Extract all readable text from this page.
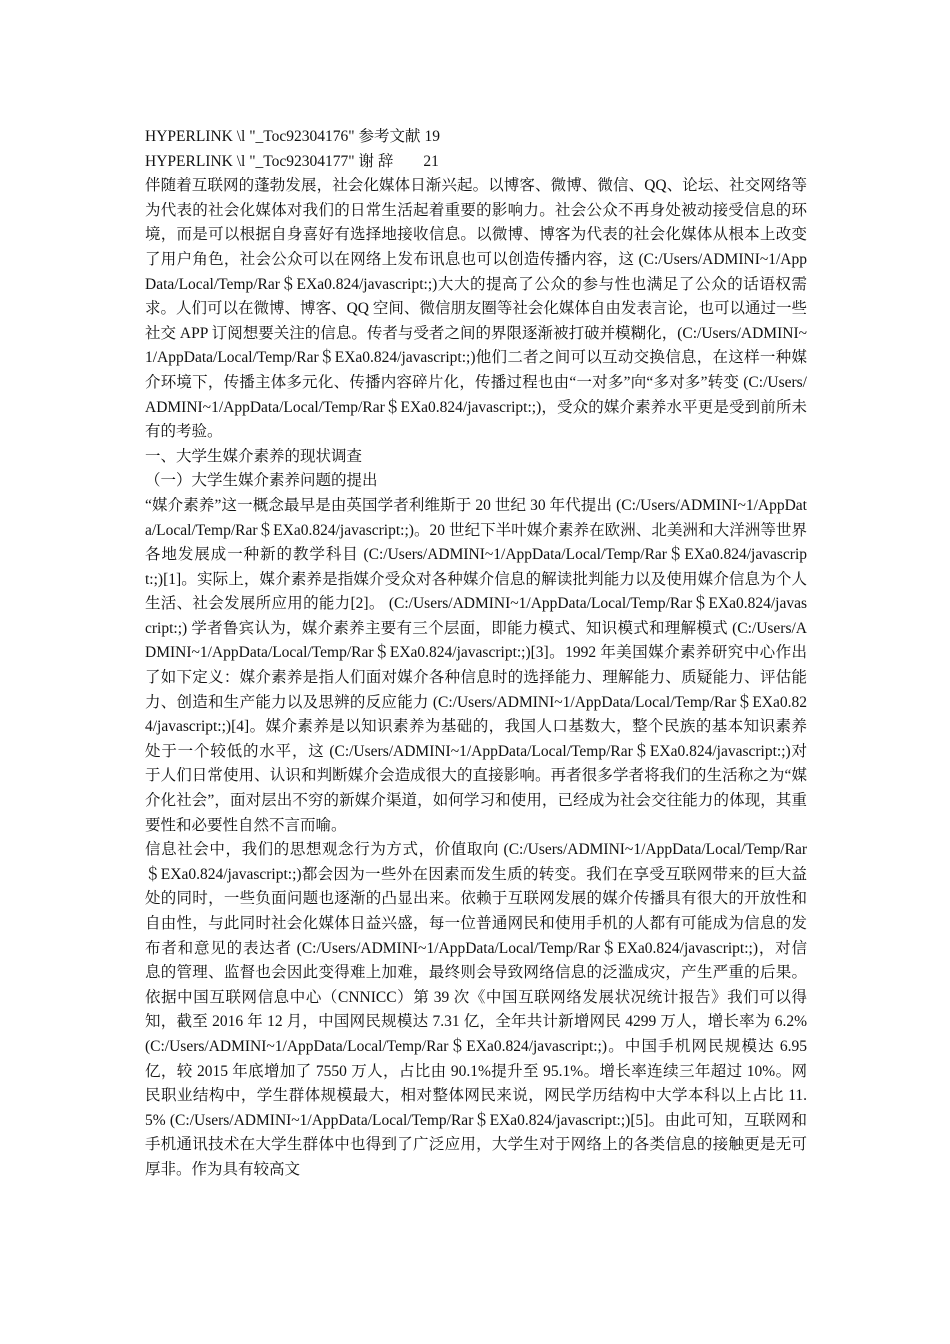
HYPERLINK \l "_Toc92304176" 参考文献 19

HYPERLINK \l "_Toc92304177" 谢 辞 21

伴随着互联网的蓬勃发展，社会化媒体日渐兴起。以博客、微博、微信、QQ、论坛、社交网络等为代表的社会化媒体对我们的日常生活起着重要的影响力。社会公众不再身处被动接受信息的环境，而是可以根据自身喜好有选择地接收信息。以微博、博客为代表的社会化媒体从根本上改变了用户角色，社会公众可以在网络上发布讯息也可以创造传播内容，这 (C:/Users/ADMINI~1/AppData/Local/Temp/Rar＄EXa0.824/javascript:;)大大的提高了公众的参与性也满足了公众的话语权需求。人们可以在微博、博客、QQ 空间、微信朋友圈等社会化媒体自由发表言论，也可以通过一些社交 APP 订阅想要关注的信息。传者与受者之间的界限逐渐被打破并模糊化，(C:/Users/ADMINI~1/AppData/Local/Temp/Rar＄EXa0.824/javascript:;)他们二者之间可以互动交换信息，在这样一种媒介环境下，传播主体多元化、传播内容碎片化，传播过程也由“一对多”向“多对多”转变 (C:/Users/ADMINI~1/AppData/Local/Temp/Rar＄EXa0.824/javascript:;)，受众的媒介素养水平更是受到前所未有的考验。

一、大学生媒介素养的现状调查

（一）大学生媒介素养问题的提出

“媒介素养”这一概念最早是由英国学者利维斯于 20 世纪 30 年代提出 (C:/Users/ADMINI~1/AppData/Local/Temp/Rar＄EXa0.824/javascript:;)。20 世纪下半叶媒介素养在欧洲、北美洲和大洋洲等世界各地发展成一种新的教学科目 (C:/Users/ADMINI~1/AppData/Local/Temp/Rar＄EXa0.824/javascript:;)[1]。实际上，媒介素养是指媒介受众对各种媒介信息的解读批判能力以及使用媒介信息为个人生活、社会发展所应用的能力[2]。 (C:/Users/ADMINI~1/AppData/Local/Temp/Rar＄EXa0.824/javascript:;) 学者鲁宾认为，媒介素养主要有三个层面，即能力模式、知识模式和理解模式 (C:/Users/ADMINI~1/AppData/Local/Temp/Rar＄EXa0.824/javascript:;)[3]。1992 年美国媒介素养研究中心作出了如下定义：媒介素养是指人们面对媒介各种信息时的选择能力、理解能力、质疑能力、评估能力、创造和生产能力以及思辨的反应能力 (C:/Users/ADMINI~1/AppData/Local/Temp/Rar＄EXa0.824/javascript:;)[4]。媒介素养是以知识素养为基础的，我国人口基数大，整个民族的基本知识素养处于一个较低的水平，这 (C:/Users/ADMINI~1/AppData/Local/Temp/Rar＄EXa0.824/javascript:;)对于人们日常使用、认识和判断媒介会造成很大的直接影响。再者很多学者将我们的生活称之为“媒介化社会”，面对层出不穷的新媒介渠道，如何学习和使用，已经成为社会交往能力的体现，其重要性和必要性自然不言而喻。

信息社会中，我们的思想观念行为方式，价值取向 (C:/Users/ADMINI~1/AppData/Local/Temp/Rar＄EXa0.824/javascript:;)都会因为一些外在因素而发生质的转变。我们在享受互联网带来的巨大益处的同时，一些负面问题也逐渐的凸显出来。依赖于互联网发展的媒介传播具有很大的开放性和自由性，与此同时社会化媒体日益兴盛，每一位普通网民和使用手机的人都有可能成为信息的发布者和意见的表达者 (C:/Users/ADMINI~1/AppData/Local/Temp/Rar＄EXa0.824/javascript:;)，对信息的管理、监督也会因此变得难上加难，最终则会导致网络信息的泛滥成灾，产生严重的后果。依据中国互联网信息中心（CNNICC）第 39 次《中国互联网络发展状况统计报告》我们可以得知，截至 2016 年 12 月，中国网民规模达 7.31 亿，全年共计新增网民 4299 万人，增长率为 6.2% (C:/Users/ADMINI~1/AppData/Local/Temp/Rar＄EXa0.824/javascript:;)。中国手机网民规模达 6.95 亿，较 2015 年底增加了 7550 万人，占比由 90.1%提升至 95.1%。增长率连续三年超过 10%。网民职业结构中，学生群体规模最大，相对整体网民来说，网民学历结构中大学本科以上占比 11.5% (C:/Users/ADMINI~1/AppData/Local/Temp/Rar＄EXa0.824/javascript:;)[5]。由此可知，互联网和手机通讯技术在大学生群体中也得到了广泛应用，大学生对于网络上的各类信息的接触更是无可厚非。作为具有较高文
